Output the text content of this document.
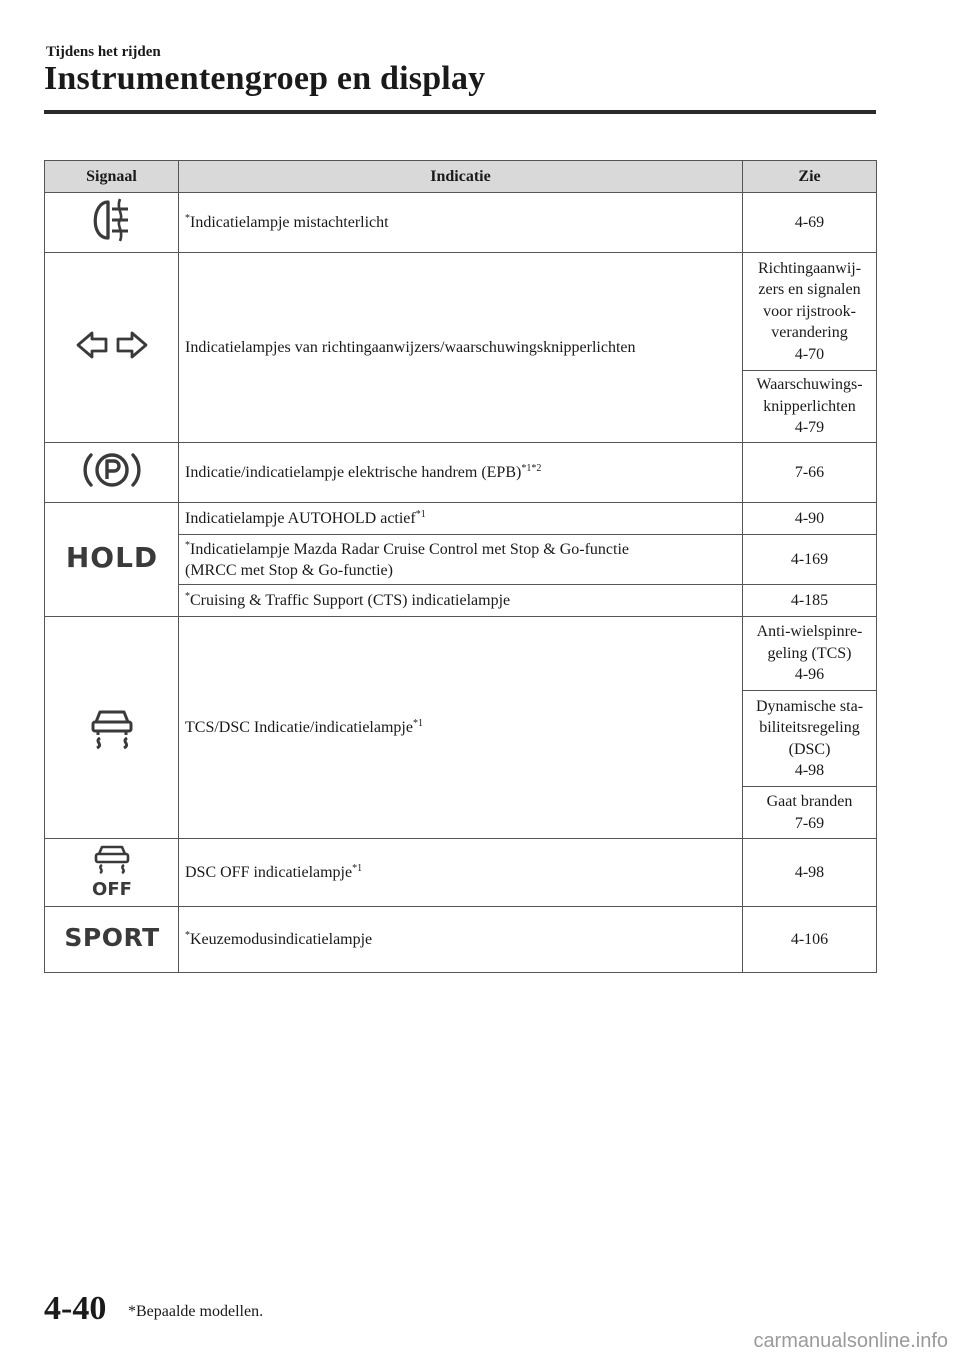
Tijdens het rijden
Instrumentengroep en display
Signaal	Indicatie	Zie
	*Indicatielampje mistachterlicht	4-69
	Indicatielampjes van richtingaanwijzers/waarschuwingsknipperlichten	Richtingaanwij-
zers en signalen
voor rijstrook-
verandering
4-70
		Waarschuwings-
knipperlichten
4-79
	Indicatie/indicatielampje elektrische handrem (EPB)$^{*1*2}$	7-66

HOLD	Indicatielampje AUTOHOLD actief$^{*1}$	4-90
	*Indicatielampje Mazda Radar Cruise Control met Stop & Go-functie
(MRCC met Stop & Go-functie)	4-169
	*Cruising & Traffic Support (CTS) indicatielampje	4-185
	TCS/DSC Indicatie/indicatielampje$^{*1}$	Anti-wielspinre-
geling (TCS)
4-96
		Dynamische sta-
biliteitsregeling
(DSC)
4-98
		Gaat branden
7-69

OFF	DSC OFF indicatielampje$^{*1}$	4-98

SPORT	*Keuzemodusindicatielampje	4-106
4-40 *Bepaalde modellen.
carmanualsonline.info
